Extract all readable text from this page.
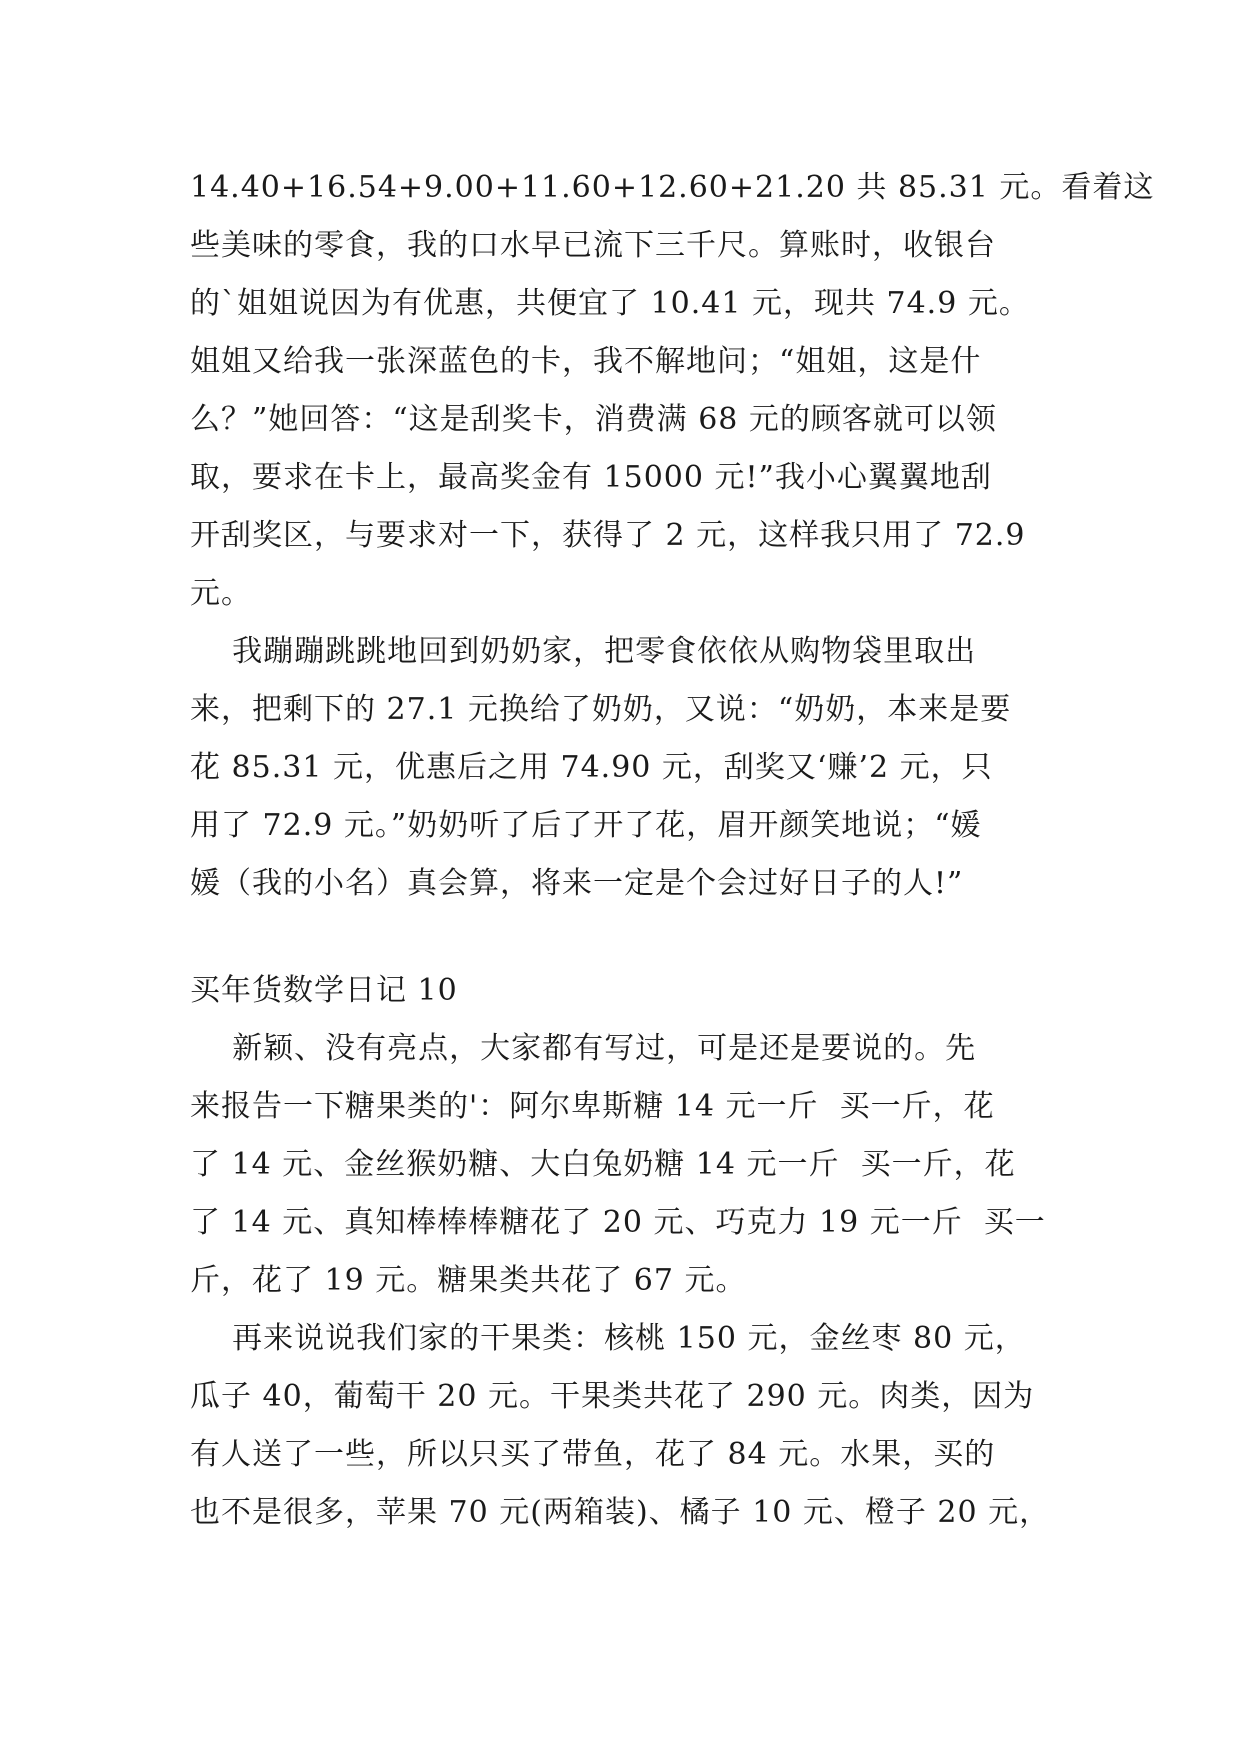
14.40+16.54+9.00+11.60+12.60+21.20 共 85.31 元。看着这
些美味的零食，我的口水早已流下三千尺。算账时，收银台
的`姐姐说因为有优惠，共便宜了 10.41 元，现共 74.9 元。
姐姐又给我一张深蓝色的卡，我不解地问；“姐姐，这是什
么？”她回答：“这是刮奖卡，消费满 68 元的顾客就可以领
取，要求在卡上，最高奖金有 15000 元!”我小心翼翼地刮
开刮奖区，与要求对一下，获得了 2 元，这样我只用了 72.9
元。
我蹦蹦跳跳地回到奶奶家，把零食依依从购物袋里取出
来，把剩下的 27.1 元换给了奶奶，又说：“奶奶，本来是要
花 85.31 元，优惠后之用 74.90 元，刮奖又‘赚’2 元，只
用了 72.9 元。”奶奶听了后了开了花，眉开颜笑地说；“媛
媛（我的小名）真会算，将来一定是个会过好日子的人!”
买年货数学日记 10
新颖、没有亮点，大家都有写过，可是还是要说的。先
来报告一下糖果类的'：阿尔卑斯糖 14 元一斤  买一斤，花
了 14 元、金丝猴奶糖、大白兔奶糖 14 元一斤  买一斤，花
了 14 元、真知棒棒棒糖花了 20 元、巧克力 19 元一斤  买一
斤，花了 19 元。糖果类共花了 67 元。
再来说说我们家的干果类：核桃 150 元，金丝枣 80 元，
瓜子 40，葡萄干 20 元。干果类共花了 290 元。肉类，因为
有人送了一些，所以只买了带鱼，花了 84 元。水果，买的
也不是很多，苹果 70 元(两箱装)、橘子 10 元、橙子 20 元，
